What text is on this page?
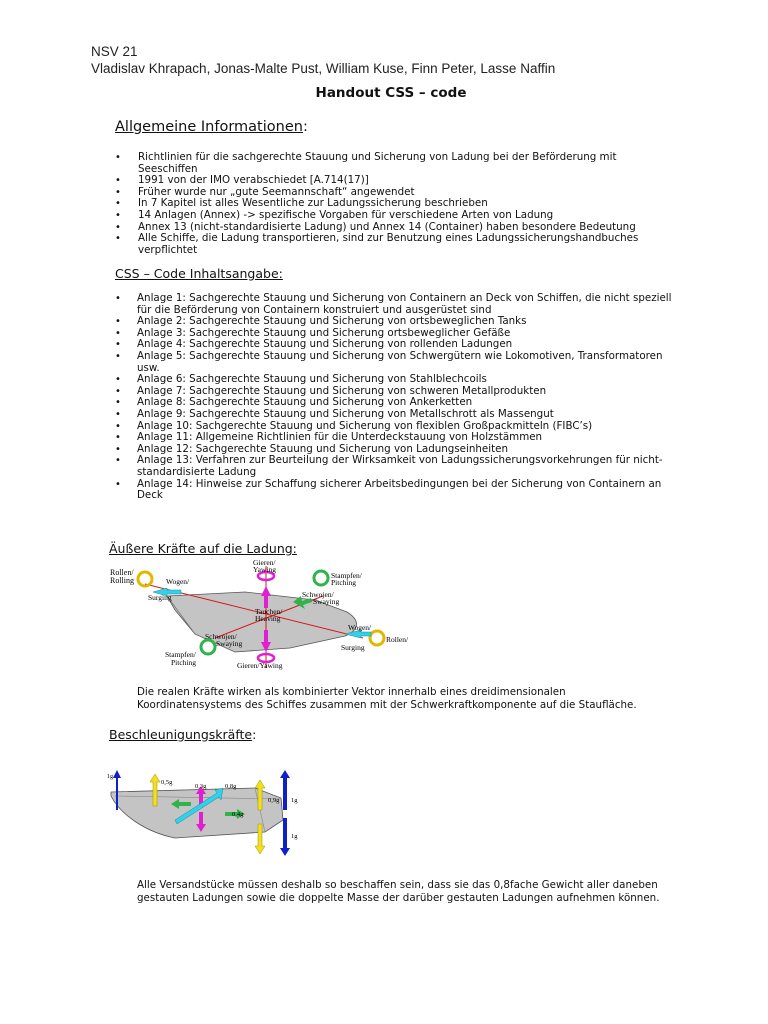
NSV 21
Vladislav Khrapach, Jonas-Malte Pust, William Kuse, Finn Peter, Lasse Naffin
Handout CSS – code
Allgemeine Informationen:
• Richtlinien für die sachgerechte Stauung und Sicherung von Ladung bei der Beförderung mit
Seeschiffen
• 1991 von der IMO verabschiedet [A.714(17)]
• Früher wurde nur „gute Seemannschaft“ angewendet
• In 7 Kapitel ist alles Wesentliche zur Ladungssicherung beschrieben
• 14 Anlagen (Annex) -> spezifische Vorgaben für verschiedene Arten von Ladung
• Annex 13 (nicht-standardisierte Ladung) und Annex 14 (Container) haben besondere Bedeutung
• Alle Schiffe, die Ladung transportieren, sind zur Benutzung eines Ladungssicherungshandbuches
verpflichtet
CSS – Code Inhaltsangabe:
• Anlage 1: Sachgerechte Stauung und Sicherung von Containern an Deck von Schiffen, die nicht speziell
für die Beförderung von Containern konstruiert und ausgerüstet sind
• Anlage 2: Sachgerechte Stauung und Sicherung von ortsbeweglichen Tanks
• Anlage 3: Sachgerechte Stauung und Sicherung ortsbeweglicher Gefäße
• Anlage 4: Sachgerechte Stauung und Sicherung von rollenden Ladungen
• Anlage 5: Sachgerechte Stauung und Sicherung von Schwergütern wie Lokomotiven, Transformatoren
usw.
• Anlage 6: Sachgerechte Stauung und Sicherung von Stahlblechcoils
• Anlage 7: Sachgerechte Stauung und Sicherung von schweren Metallprodukten
• Anlage 8: Sachgerechte Stauung und Sicherung von Ankerketten
• Anlage 9: Sachgerechte Stauung und Sicherung von Metallschrott als Massengut
• Anlage 10: Sachgerechte Stauung und Sicherung von flexiblen Großpackmitteln (FIBC’s)
• Anlage 11: Allgemeine Richtlinien für die Unterdeckstauung von Holzstämmen
• Anlage 12: Sachgerechte Stauung und Sicherung von Ladungseinheiten
• Anlage 13: Verfahren zur Beurteilung der Wirksamkeit von Ladungssicherungsvorkehrungen für nicht-
standardisierte Ladung
• Anlage 14: Hinweise zur Schaffung sicherer Arbeitsbedingungen bei der Sicherung von Containern an
Deck
Äußere Kräfte auf die Ladung:
Rollen/
Rolling	Wogen/
Surging
Gieren/
Yawing
Stampfen/
Pitching
Schwojen/
Swaying
Tauchen/
Heaving
Schwojen/
Swaying
Stampfen/
Pitching	Gieren/Yawing
Wogen/
Surging
Rollen/
Die realen Kräfte wirken als kombinierter Vektor innerhalb eines dreidimensionalen
Koordinatensystems des Schiffes zusammen mit der Schwerkraftkomponente auf die Staufläche.
Beschleunigungskräfte:
1g
0,5g
0,3g	0,8g
0,4g
0,9g 1g
1g
Alle Versandstücke müssen deshalb so beschaffen sein, dass sie das 0,8fache Gewicht aller daneben
gestauten Ladungen sowie die doppelte Masse der darüber gestauten Ladungen aufnehmen können.
